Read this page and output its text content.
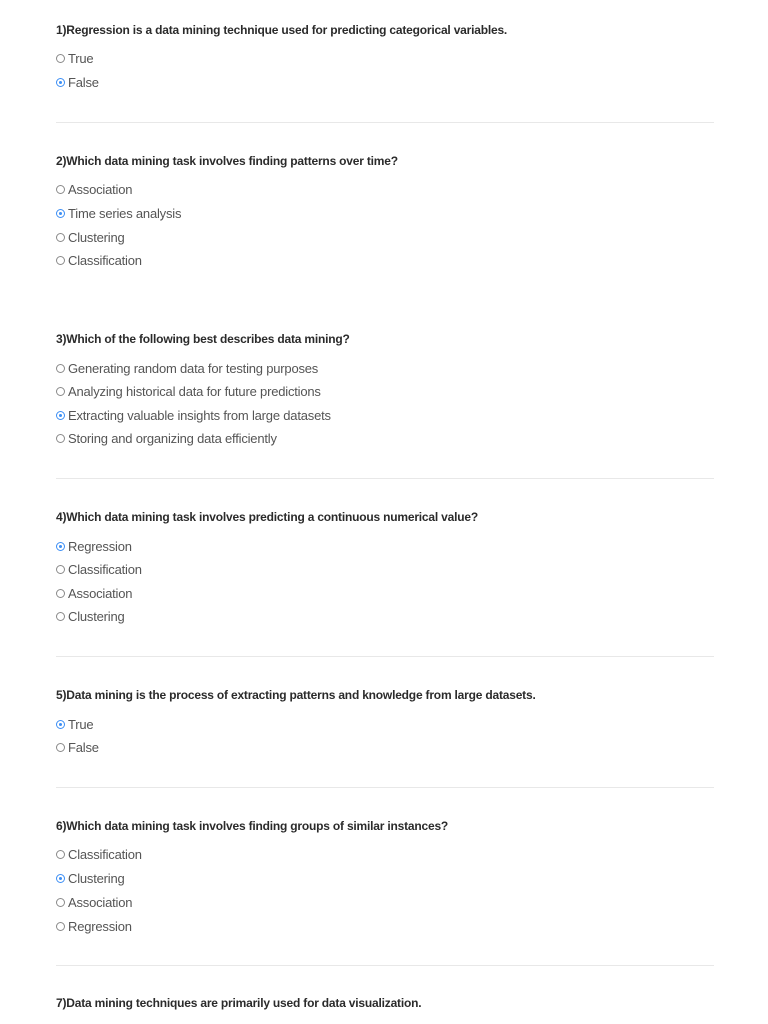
1)Regression is a data mining technique used for predicting categorical variables.
True
False
2)Which data mining task involves finding patterns over time?
Association
Time series analysis
Clustering
Classification
3)Which of the following best describes data mining?
Generating random data for testing purposes
Analyzing historical data for future predictions
Extracting valuable insights from large datasets
Storing and organizing data efficiently
4)Which data mining task involves predicting a continuous numerical value?
Regression
Classification
Association
Clustering
5)Data mining is the process of extracting patterns and knowledge from large datasets.
True
False
6)Which data mining task involves finding groups of similar instances?
Classification
Clustering
Association
Regression
7)Data mining techniques are primarily used for data visualization.
